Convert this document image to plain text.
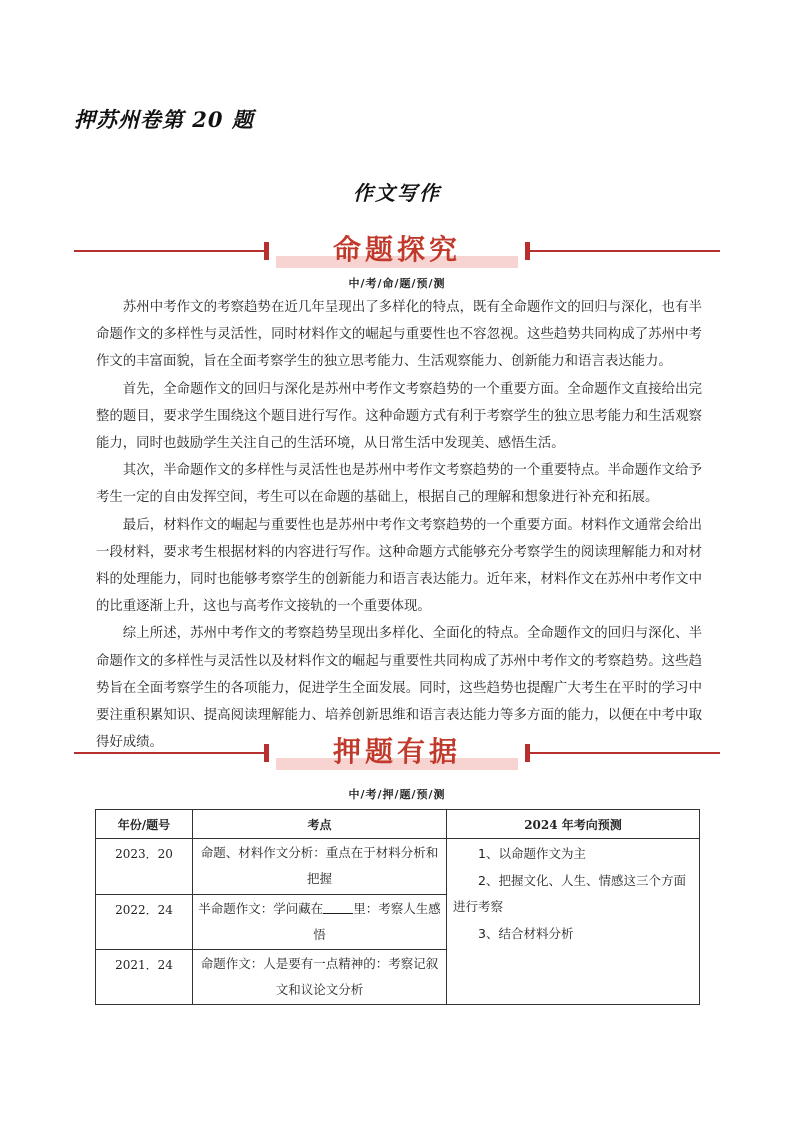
押苏州卷第 20 题
作文写作
命题探究
中/考/命/题/预/测

苏州中考作文的考察趋势在近几年呈现出了多样化的特点，既有全命题作文的回归与深化，也有半命题作文的多样性与灵活性，同时材料作文的崛起与重要性也不容忽视。这些趋势共同构成了苏州中考作文的丰富面貌，旨在全面考察学生的独立思考能力、生活观察能力、创新能力和语言表达能力。

首先，全命题作文的回归与深化是苏州中考作文考察趋势的一个重要方面。全命题作文直接给出完整的题目，要求学生围绕这个题目进行写作。这种命题方式有利于考察学生的独立思考能力和生活观察能力，同时也鼓励学生关注自己的生活环境，从日常生活中发现美、感悟生活。

其次，半命题作文的多样性与灵活性也是苏州中考作文考察趋势的一个重要特点。半命题作文给予考生一定的自由发挥空间，考生可以在命题的基础上，根据自己的理解和想象进行补充和拓展。

最后，材料作文的崛起与重要性也是苏州中考作文考察趋势的一个重要方面。材料作文通常会给出一段材料，要求考生根据材料的内容进行写作。这种命题方式能够充分考察学生的阅读理解能力和对材料的处理能力，同时也能够考察学生的创新能力和语言表达能力。近年来，材料作文在苏州中考作文中的比重逐渐上升，这也与高考作文接轨的一个重要体现。

综上所述，苏州中考作文的考察趋势呈现出多样化、全面化的特点。全命题作文的回归与深化、半命题作文的多样性与灵活性以及材料作文的崛起与重要性共同构成了苏州中考作文的考察趋势。这些趋势旨在全面考察学生的各项能力，促进学生全面发展。同时，这些趋势也提醒广大考生在平时的学习中要注重积累知识、提高阅读理解能力、培养创新思维和语言表达能力等多方面的能力，以便在中考中取得好成绩。	押题有据
中/考/押/题/预/测
年份/题号	考点	2024 年考向预测
2023．20	命题、材料作文分析：重点在于材料分析和把握	1、以命题作文为主
2、把握文化、人生、情感这三个方面进行考察
3、结合材料分析

2022．24	半命题作文：学问藏在 里：考察人生感悟	
2021．24	命题作文：人是要有一点精神的：考察记叙文和议论文分析	
